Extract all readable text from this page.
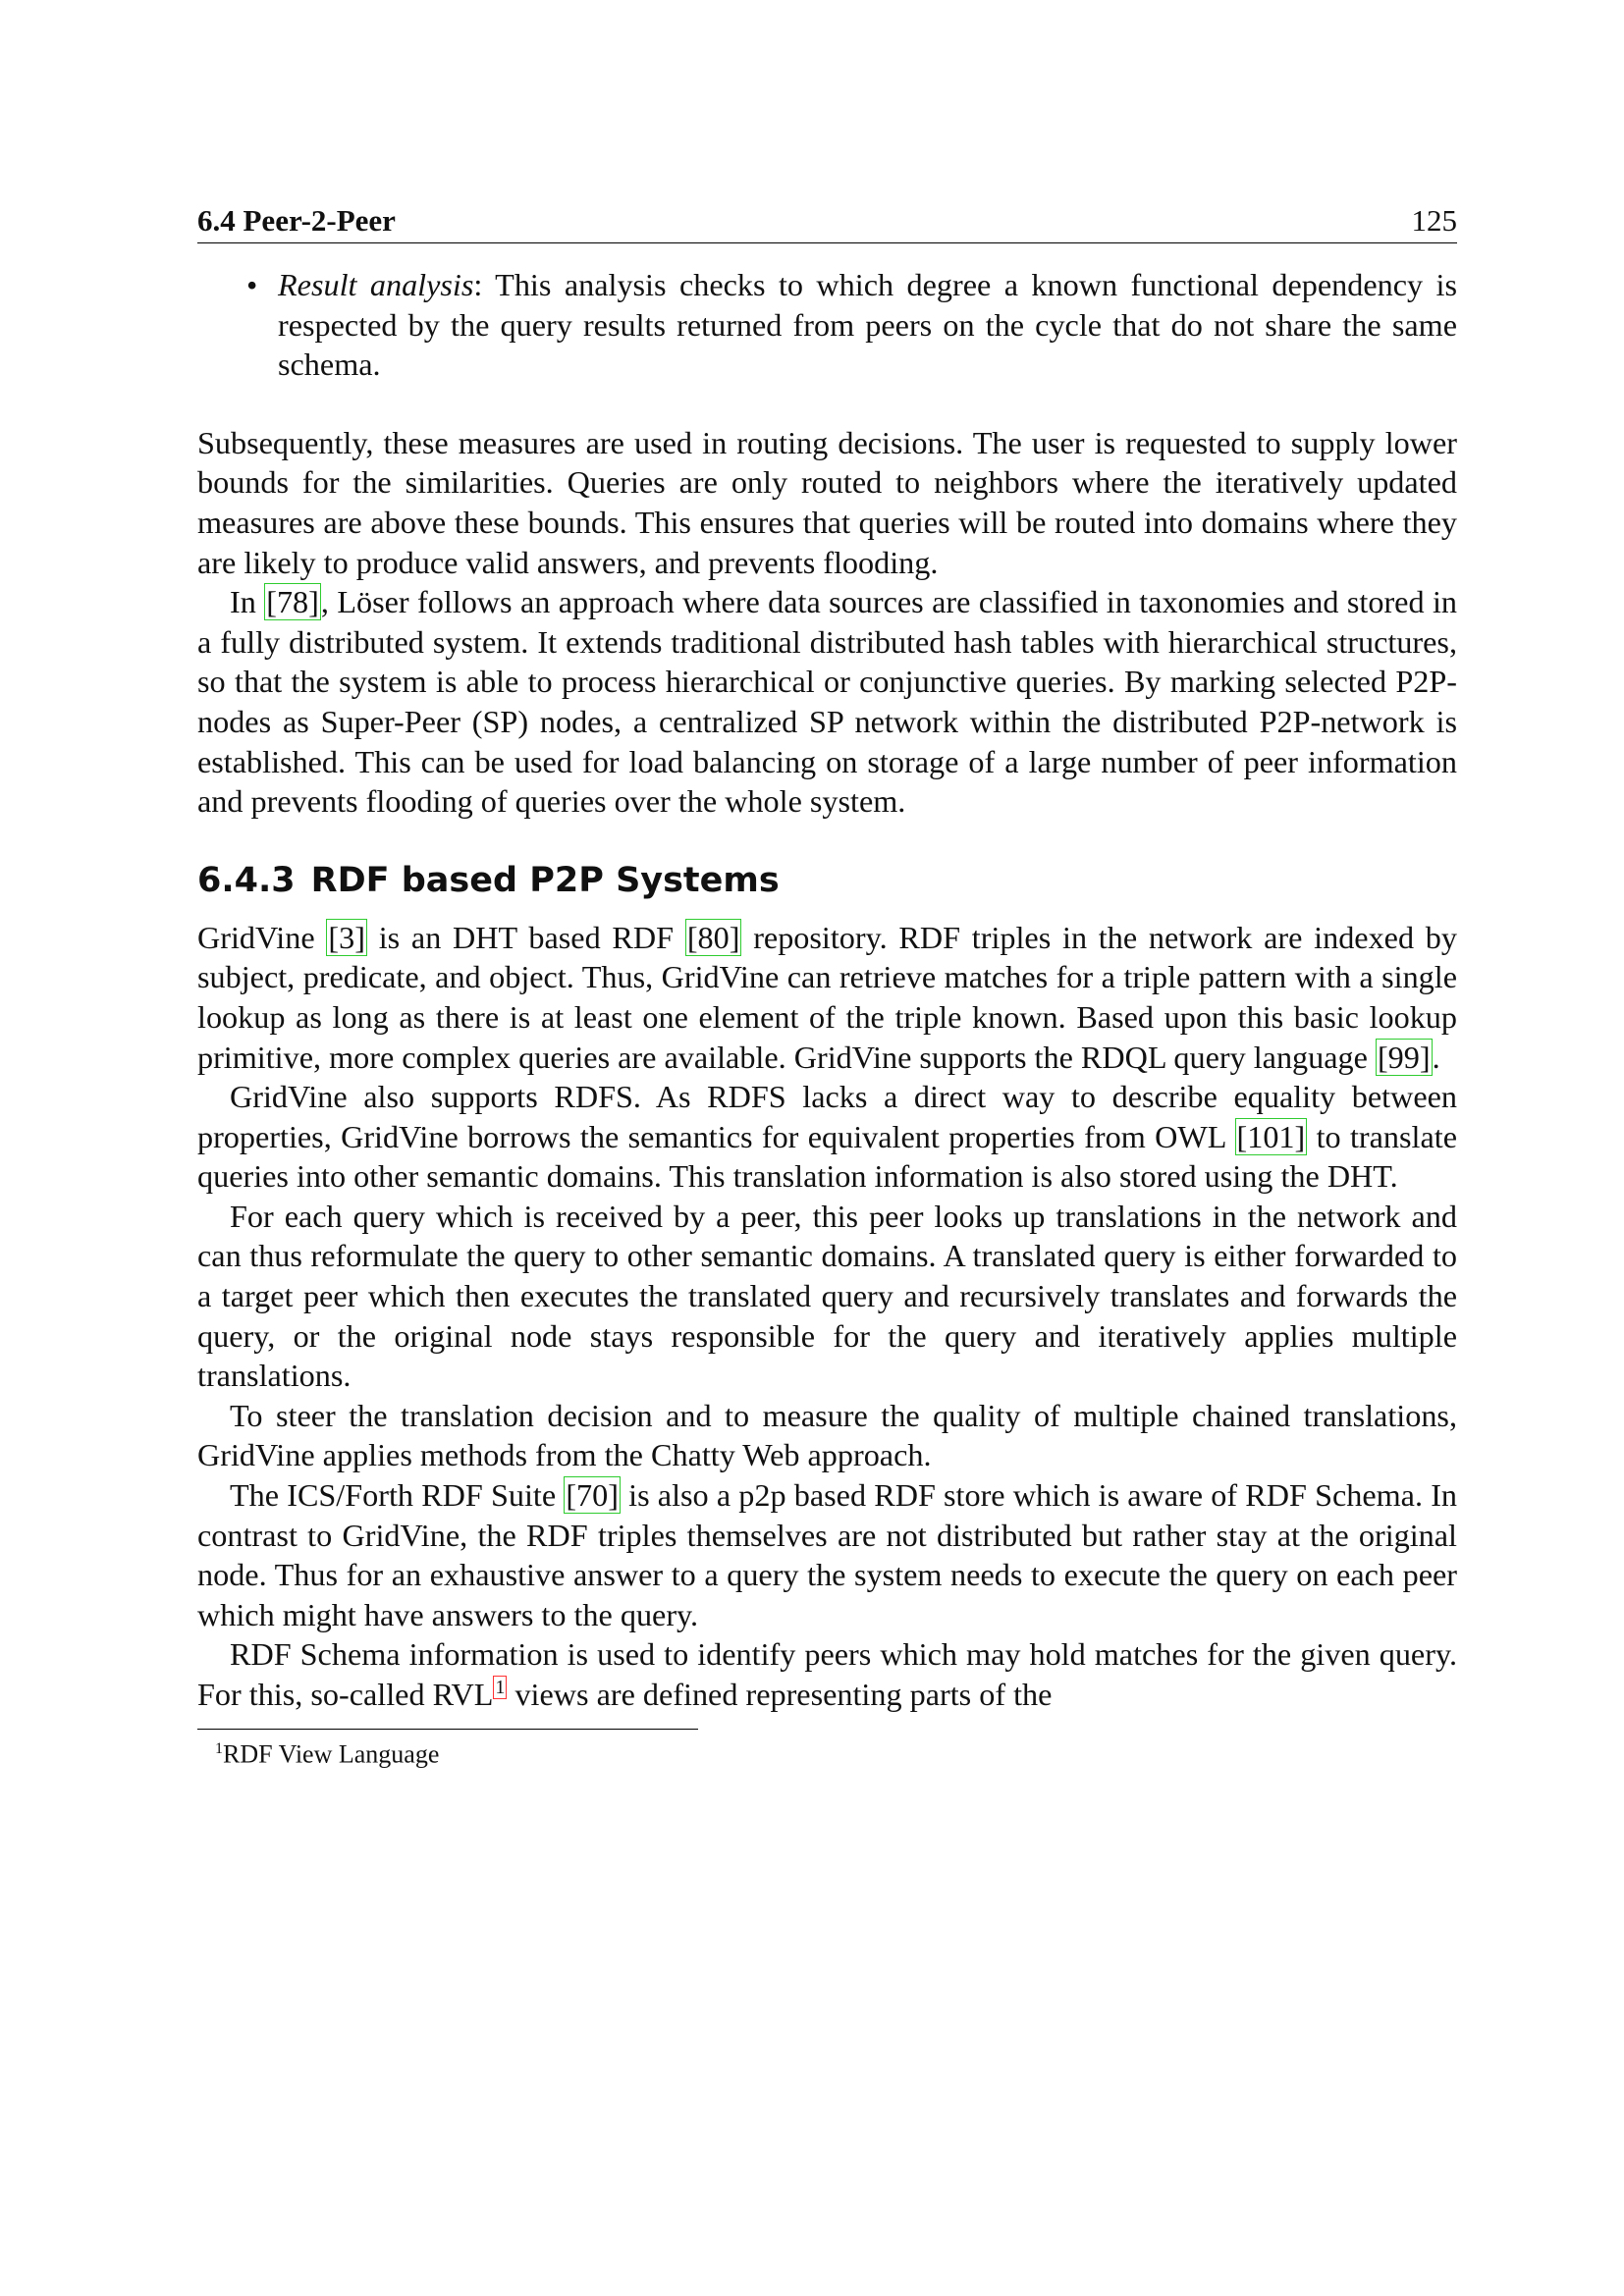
6.4 Peer-2-Peer	125
• Result analysis: This analysis checks to which degree a known functional dependency is respected by the query results returned from peers on the cycle that do not share the same schema.

Subsequently, these measures are used in routing decisions. The user is requested to supply lower bounds for the similarities. Queries are only routed to neighbors where the iteratively updated measures are above these bounds. This ensures that queries will be routed into domains where they are likely to produce valid answers, and prevents flooding.

In [78], Löser follows an approach where data sources are classified in taxonomies and stored in a fully distributed system. It extends traditional distributed hash tables with hierarchical structures, so that the system is able to process hierarchical or conjunctive queries. By marking selected P2P-nodes as Super-Peer (SP) nodes, a centralized SP network within the distributed P2P-network is established. This can be used for load balancing on storage of a large number of peer information and prevents flooding of queries over the whole system.

6.4.3 RDF based P2P Systems

GridVine [3] is an DHT based RDF [80] repository. RDF triples in the network are indexed by subject, predicate, and object. Thus, GridVine can retrieve matches for a triple pattern with a single lookup as long as there is at least one element of the triple known. Based upon this basic lookup primitive, more complex queries are available. GridVine supports the RDQL query language [99].

GridVine also supports RDFS. As RDFS lacks a direct way to describe equality between properties, GridVine borrows the semantics for equivalent properties from OWL [101] to translate queries into other semantic domains. This translation information is also stored using the DHT.

For each query which is received by a peer, this peer looks up translations in the network and can thus reformulate the query to other semantic domains. A translated query is either forwarded to a target peer which then executes the translated query and recursively translates and forwards the query, or the original node stays responsible for the query and iteratively applies multiple translations.

To steer the translation decision and to measure the quality of multiple chained translations, GridVine applies methods from the Chatty Web approach.

The ICS/Forth RDF Suite [70] is also a p2p based RDF store which is aware of RDF Schema. In contrast to GridVine, the RDF triples themselves are not distributed but rather stay at the original node. Thus for an exhaustive answer to a query the system needs to execute the query on each peer which might have answers to the query.

RDF Schema information is used to identify peers which may hold matches for the given query. For this, so-called RVL $^1$ views are defined representing parts of the

$^1$RDF View Language
